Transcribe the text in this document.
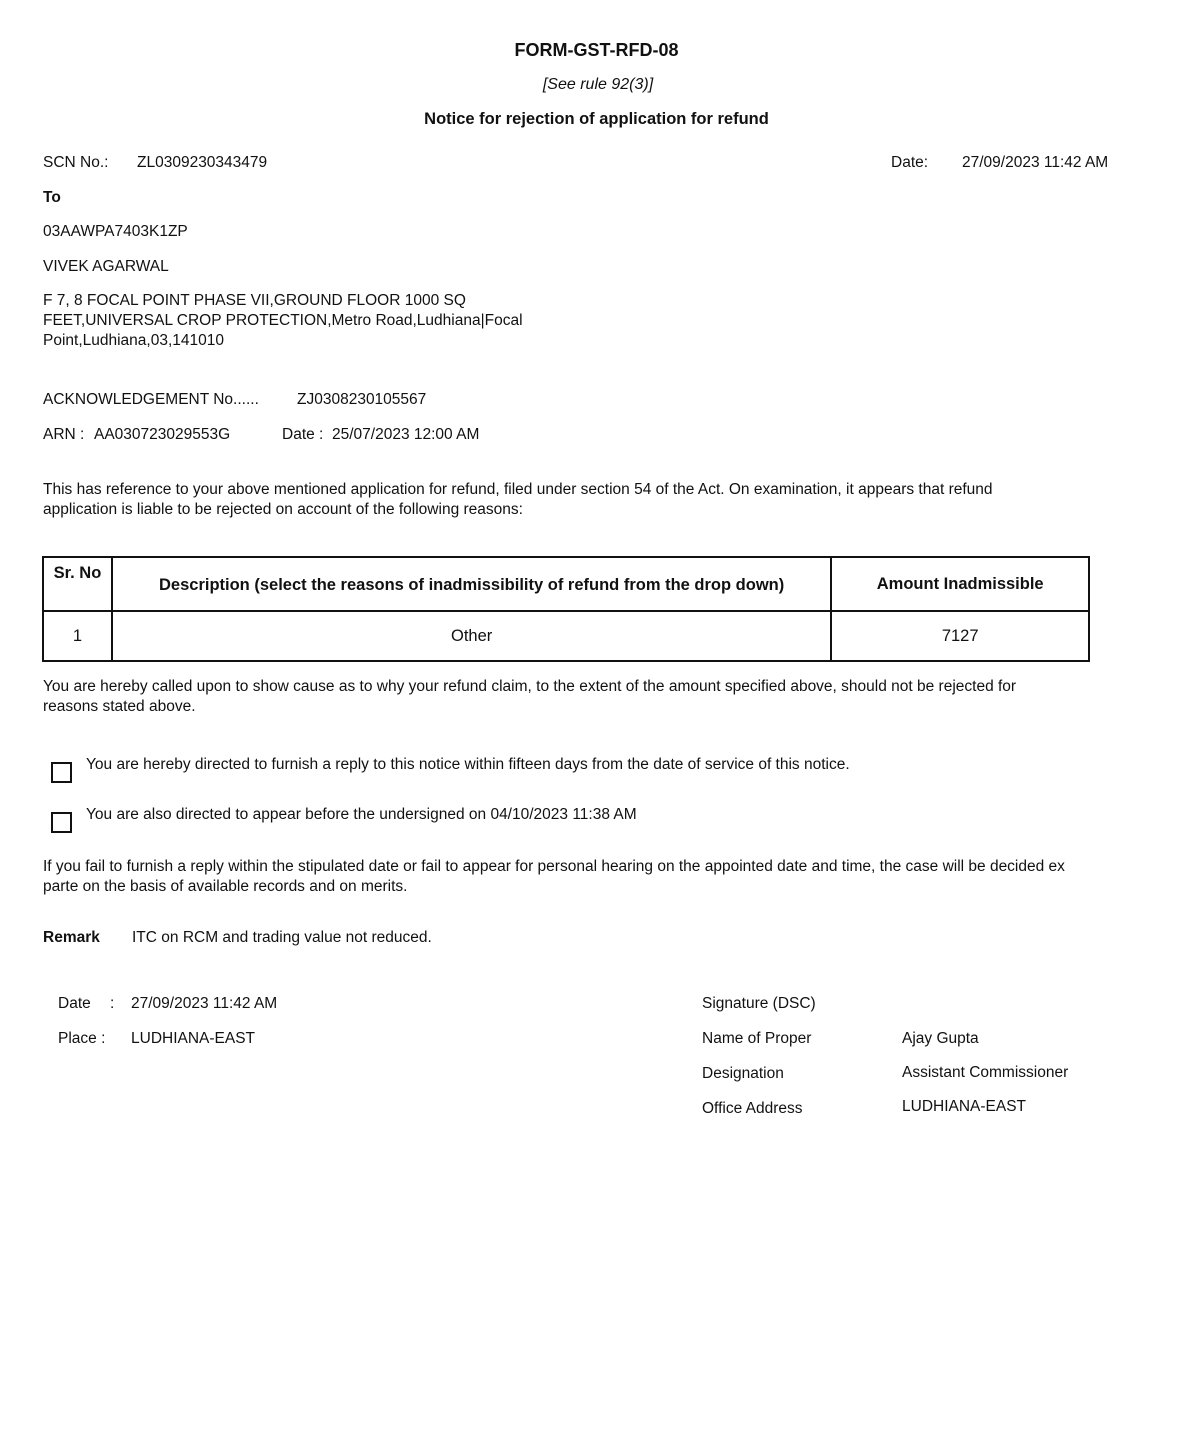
FORM-GST-RFD-08
[See rule 92(3)]
Notice for rejection of application for refund
SCN No.: ZL0309230343479	Date: 27/09/2023 11:42 AM
To
03AAWPA7403K1ZP
VIVEK AGARWAL
F 7, 8 FOCAL POINT PHASE VII,GROUND FLOOR 1000 SQ
FEET,UNIVERSAL CROP PROTECTION,Metro Road,Ludhiana|Focal
Point,Ludhiana,03,141010
ACKNOWLEDGEMENT No...... ZJ0308230105567
ARN : AA030723029553G	Date : 25/07/2023 12:00 AM
This has reference to your above mentioned application for refund, filed under section 54 of the Act. On examination, it appears that refund application is liable to be rejected on account of the following reasons:
Sr. No	Description (select the reasons of inadmissibility of refund from the drop down)	Amount Inadmissible
1	Other	7127
You are hereby called upon to show cause as to why your refund claim, to the extent of the amount specified above, should not be rejected for reasons stated above.
You are hereby directed to furnish a reply to this notice within fifteen days from the date of service of this notice.
You are also directed to appear before the undersigned on 04/10/2023 11:38 AM
If you fail to furnish a reply within the stipulated date or fail to appear for personal hearing on the appointed date and time, the case will be decided ex parte on the basis of available records and on merits.
Remark ITC on RCM and trading value not reduced.
Date : 27/09/2023 11:42 AM
Place : LUDHIANA-EAST
Signature (DSC)
Name of Proper	Ajay Gupta
Designation	Assistant Commissioner
Office Address	LUDHIANA-EAST
